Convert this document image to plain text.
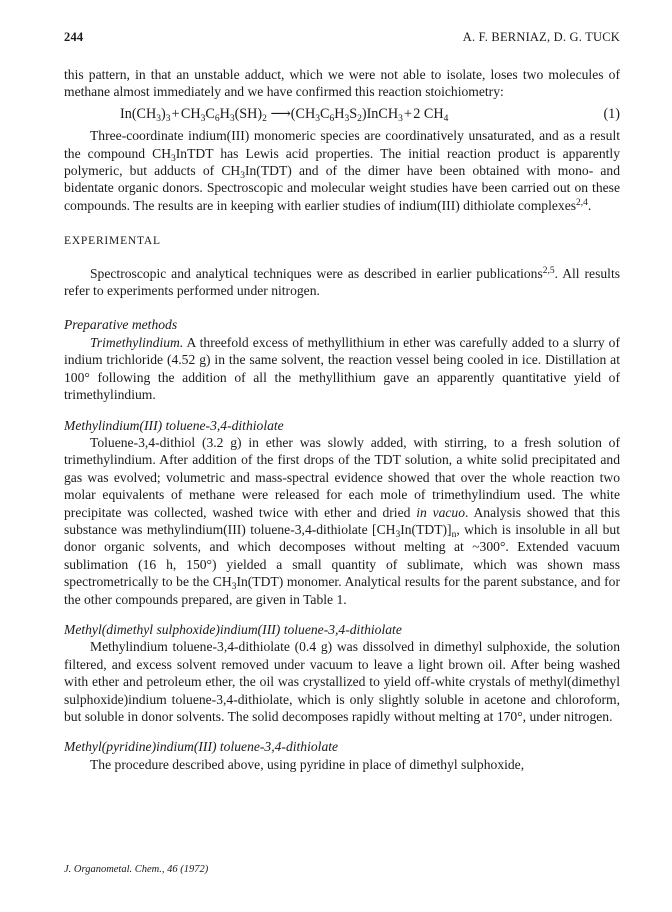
244	A. F. BERNIAZ, D. G. TUCK

this pattern, in that an unstable adduct, which we were not able to isolate, loses two molecules of methane almost immediately and we have confirmed this reaction stoichiometry:

$In(CH_3)_3$ + $CH_3C_6H_3(SH)_2$ $⟶(CH_3C_6H_3S_2)InCH_3$ + 2 $CH_4$	(1)

Three-coordinate indium(III) monomeric species are coordinatively unsaturated, and as a result the compound $CH_3InTDT$ has Lewis acid properties. The initial reaction product is apparently polymeric, but adducts of $CH_3In(TDT)$ and of the dimer have been obtained with mono- and bidentate organic donors. Spectroscopic and molecular weight studies have been carried out on these compounds. The results are in keeping with earlier studies of indium(III) dithiolate complexes$^{2,4}$.

EXPERIMENTAL

Spectroscopic and analytical techniques were as described in earlier publications$^{2,5}$. All results refer to experiments performed under nitrogen.

Preparative methods

Trimethylindium. A threefold excess of methyllithium in ether was carefully added to a slurry of indium trichloride (4.52 g) in the same solvent, the reaction vessel being cooled in ice. Distillation at 100° following the addition of all the methyllithium gave an apparently quantitative yield of trimethylindium.

Methylindium(III) toluene-3,4-dithiolate

Toluene-3,4-dithiol (3.2 g) in ether was slowly added, with stirring, to a fresh solution of trimethylindium. After addition of the first drops of the TDT solution, a white solid precipitated and gas was evolved; volumetric and mass-spectral evidence showed that over the whole reaction two molar equivalents of methane were released for each mole of trimethylindium used. The white precipitate was collected, washed twice with ether and dried in vacuo. Analysis showed that this substance was methylindium(III) toluene-3,4-dithiolate $[CH_3In(TDT)]_n$, which is insoluble in all but donor organic solvents, and which decomposes without melting at ~300°. Extended vacuum sublimation (16 h, 150°) yielded a small quantity of sublimate, which was shown mass spectrometrically to be the $CH_3In(TDT)$ monomer. Analytical results for the parent substance, and for the other compounds prepared, are given in Table 1.

Methyl(dimethyl sulphoxide)indium(III) toluene-3,4-dithiolate

Methylindium toluene-3,4-dithiolate (0.4 g) was dissolved in dimethyl sulphoxide, the solution filtered, and excess solvent removed under vacuum to leave a light brown oil. After being washed with ether and petroleum ether, the oil was crystallized to yield off-white crystals of methyl(dimethyl sulphoxide)indium toluene-3,4-dithiolate, which is only slightly soluble in acetone and chloroform, but soluble in donor solvents. The solid decomposes rapidly without melting at 170°, under nitrogen.

Methyl(pyridine)indium(III) toluene-3,4-dithiolate

The procedure described above, using pyridine in place of dimethyl sulphoxide,

J. Organometal. Chem., 46 (1972)
